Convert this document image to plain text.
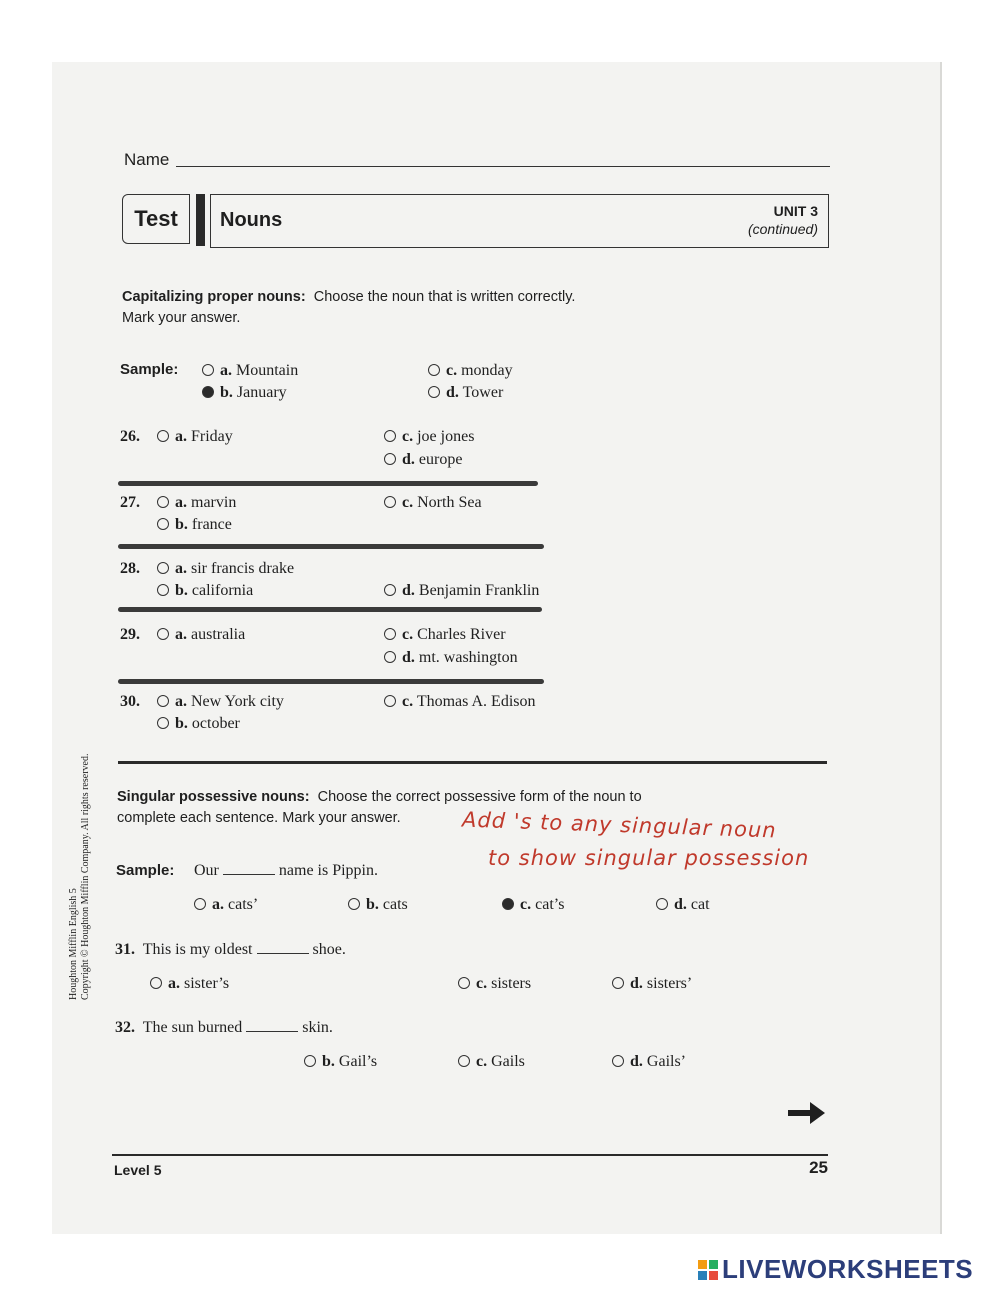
Name
Test	Nouns	UNIT 3
(continued)
Capitalizing proper nouns: Choose the noun that is written correctly.
Mark your answer.
Sample:	a. Mountain
b. January
c. monday
d. Tower
26.	a. Friday	c. joe jones
d. europe
27.	a. marvin
b. france
c. North Sea
28.	a. sir francis drake
b. california	d. Benjamin Franklin
29.	a. australia	c. Charles River
d. mt. washington
30.	a. New York city
b. october
c. Thomas A. Edison
Singular possessive nouns: Choose the correct possessive form of the noun to
complete each sentence. Mark your answer.	Add 's to any singular noun
to show singular possession
Sample: Our	name is Pippin.
a. cats’	b. cats	c. cat’s	d. cat
31. This is my oldest	shoe.
a. sister’s	c. sisters	d. sisters’
32. The sun burned	skin.
b. Gail’s	c. Gails	d. Gails’
Level 5	25
Houghton Mifflin English 5 Copyright © Houghton Mifflin Company. All rights reserved.
LIVEWORKSHEETS
